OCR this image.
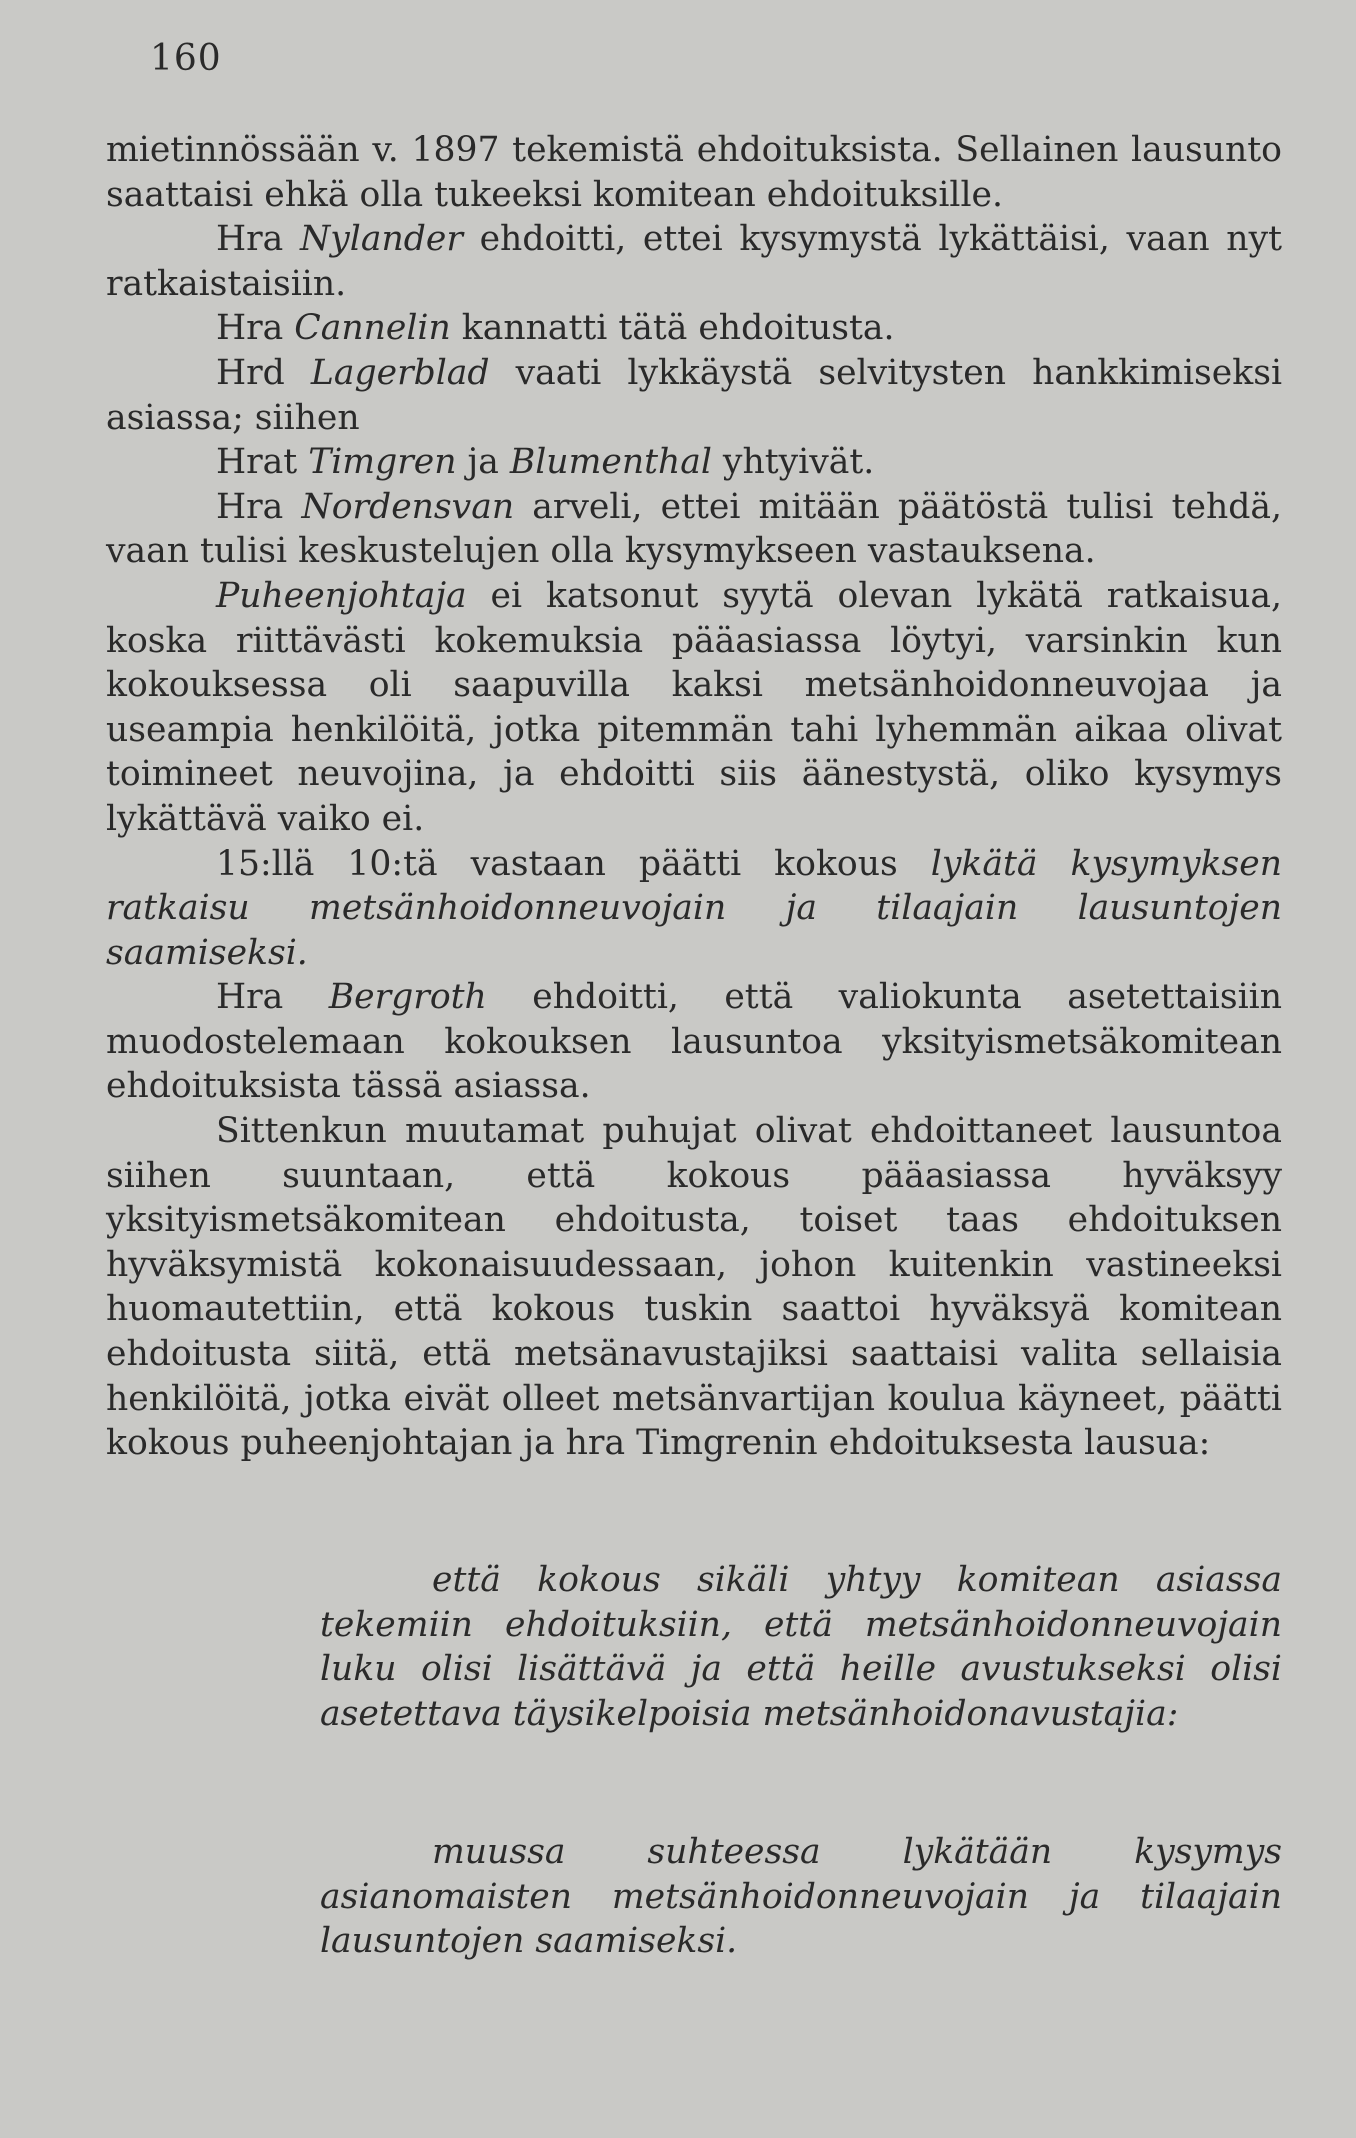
160

mietinnössään v. 1897 tekemistä ehdoituksista. Sellainen lausunto saattaisi ehkä olla tukeeksi komitean ehdoituksille.

Hra Nylander ehdoitti, ettei kysymystä lykättäisi, vaan nyt ratkaistaisiin.

Hra Cannelin kannatti tätä ehdoitusta.

Hrd Lagerblad vaati lykkäystä selvitysten hankkimiseksi asiassa; siihen

Hrat Timgren ja Blumenthal yhtyivät.

Hra Nordensvan arveli, ettei mitään päätöstä tulisi tehdä, vaan tulisi keskustelujen olla kysymykseen vastauksena.

Puheenjohtaja ei katsonut syytä olevan lykätä ratkaisua, koska riittävästi kokemuksia pääasiassa löytyi, varsinkin kun kokouksessa oli saapuvilla kaksi metsänhoidonneuvojaa ja useampia henkilöitä, jotka pitemmän tahi lyhemmän aikaa olivat toimineet neuvojina, ja ehdoitti siis äänestystä, oliko kysymys lykättävä vaiko ei.

15:llä 10:tä vastaan päätti kokous lykätä kysymyksen ratkaisu metsänhoidonneuvojain ja tilaajain lausuntojen saamiseksi.

Hra Bergroth ehdoitti, että valiokunta asetettaisiin muodostelemaan kokouksen lausuntoa yksityismetsäkomitean ehdoituksista tässä asiassa.

Sittenkun muutamat puhujat olivat ehdoittaneet lausuntoa siihen suuntaan, että kokous pääasiassa hyväksyy yksityismetsäkomitean ehdoitusta, toiset taas ehdoituksen hyväksymistä kokonaisuudessaan, johon kuitenkin vastineeksi huomautettiin, että kokous tuskin saattoi hyväksyä komitean ehdoitusta siitä, että metsänavustajiksi saattaisi valita sellaisia henkilöitä, jotka eivät olleet metsänvartijan koulua käyneet, päätti kokous puheenjohtajan ja hra Timgrenin ehdoituksesta lausua:

että kokous sikäli yhtyy komitean asiassa tekemiin ehdoituksiin, että metsänhoidonneuvojain luku olisi lisättävä ja että heille avustukseksi olisi asetettava täysikelpoisia metsänhoidonavustajia:

muussa suhteessa lykätään kysymys asianomaisten metsänhoidonneuvojain ja tilaajain lausuntojen saamiseksi.
